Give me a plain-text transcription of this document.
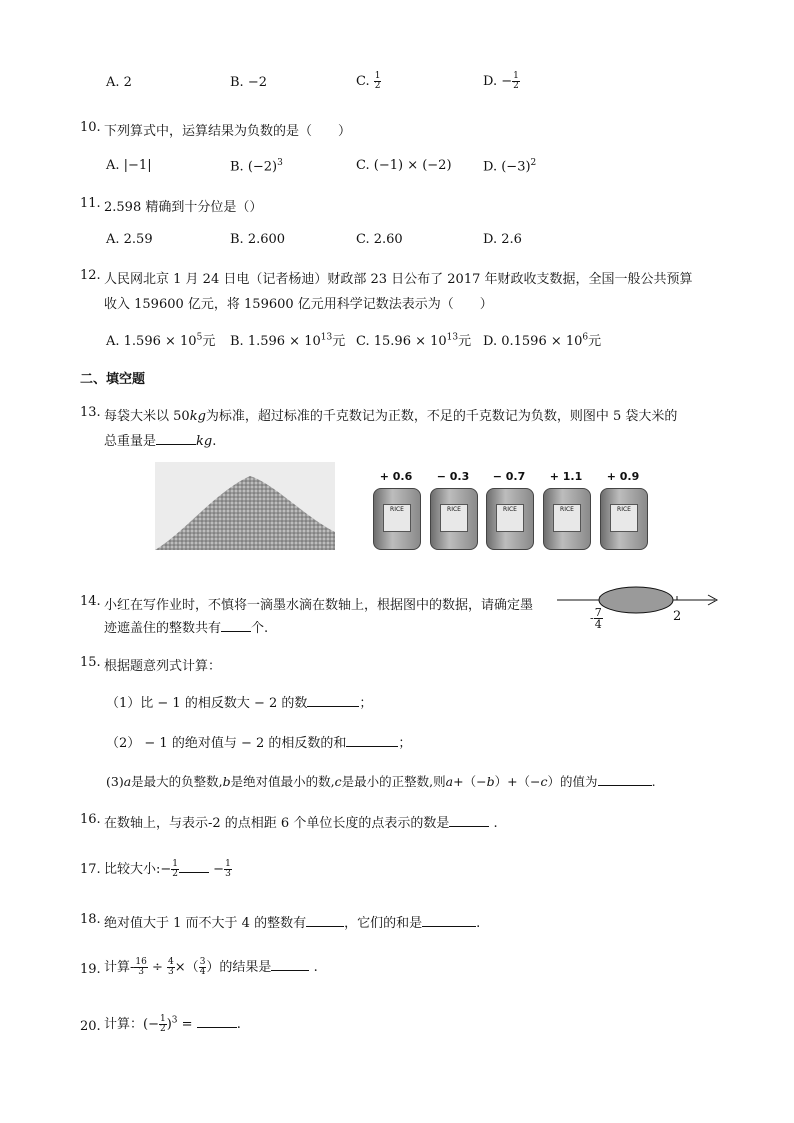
A. 2	B. −2	C. $\frac{1}{2}$	D. − $\frac{1}{2}$
10. 下列算式中，运算结果为负数的是（　　）
A. |−1|	B. $(-2)^3$	C. (−1) × (−2) D. $(-3)^2$
11. 2.598 精确到十分位是（）
A. 2.59	B. 2.600	C. 2.60	D. 2.6
12. 人民网北京 1 月 24 日电（记者杨迪）财政部 23 日公布了 2017 年财政收支数据，全国一般公共预算
收入 159600 亿元，将 159600 亿元用科学记数法表示为（　　）
A. $1.596 \times 10^5$元 B. $1.596 \times 10^{13}$元 C. $15.96 \times 10^{13}$元 D. $0.1596 \times 10^6$元
二、填空题
13. 每袋大米以 50kg为标准，超过标准的千克数记为正数，不足的千克数记为负数，则图中 5 袋大米的
总重量是	kg.
+ 0.6
RICE
− 0.3
RICE
− 0.7
RICE
+ 1.1
RICE
+ 0.9
RICE
14. 小红在写作业时，不慎将一滴墨水滴在数轴上，根据图中的数据，请确定墨
迹遮盖住的整数共有 个.
- $\frac{7}{4}$	2
15. 根据题意列式计算：
（1）比 − 1 的相反数大 − 2 的数	；
（2） − 1 的绝对值与 − 2 的相反数的和	；
(3)a是最大的负整数,b是绝对值最小的数,c是最小的正整数,则a+（−b）+（−c）的值为	.
16. 在数轴上，与表示-2 的点相距 6 个单位长度的点表示的数是	.
17. 比较大小:− $\frac{1}{2}$	− $\frac{1}{3}$
18. 绝对值大于 1 而不大于 4 的整数有	，它们的和是	.
19. 计算- $\frac{16}{3} \div \frac{4}{3}$ ×（ $\frac{3}{4}$ ）的结果是	.
20. 计算：(− $\frac{1}{2} )^3$ =	.
